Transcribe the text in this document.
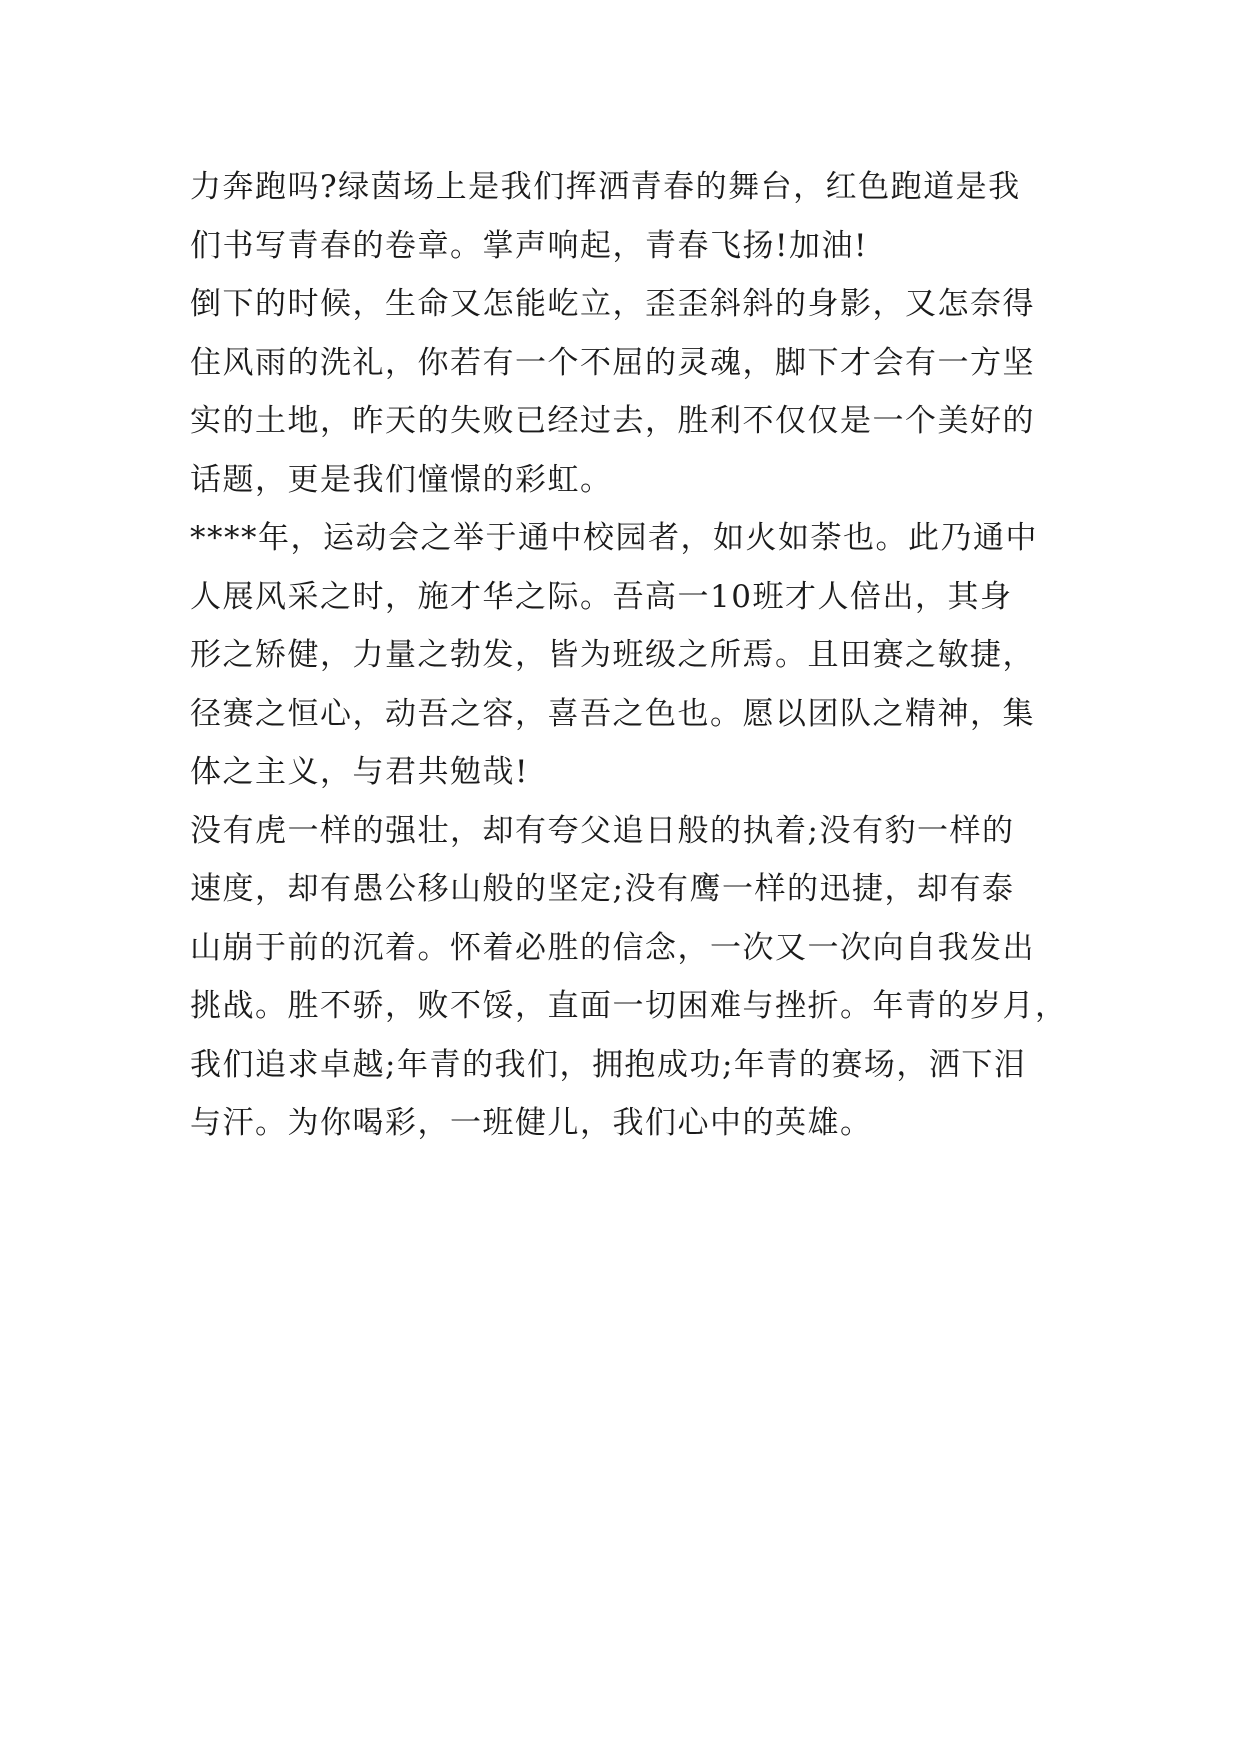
力奔跑吗?绿茵场上是我们挥洒青春的舞台，红色跑道是我
们书写青春的卷章。掌声响起，青春飞扬!加油!
倒下的时候，生命又怎能屹立，歪歪斜斜的身影，又怎奈得
住风雨的洗礼，你若有一个不屈的灵魂，脚下才会有一方坚
实的土地，昨天的失败已经过去，胜利不仅仅是一个美好的
话题，更是我们憧憬的彩虹。
****年，运动会之举于通中校园者，如火如荼也。此乃通中
人展风采之时，施才华之际。吾高一10班才人倍出，其身
形之矫健，力量之勃发，皆为班级之所焉。且田赛之敏捷，
径赛之恒心，动吾之容，喜吾之色也。愿以团队之精神，集
体之主义，与君共勉哉!
没有虎一样的强壮，却有夸父追日般的执着;没有豹一样的
速度，却有愚公移山般的坚定;没有鹰一样的迅捷，却有泰
山崩于前的沉着。怀着必胜的信念，一次又一次向自我发出
挑战。胜不骄，败不馁，直面一切困难与挫折。年青的岁月，
我们追求卓越;年青的我们，拥抱成功;年青的赛场，洒下泪
与汗。为你喝彩，一班健儿，我们心中的英雄。
